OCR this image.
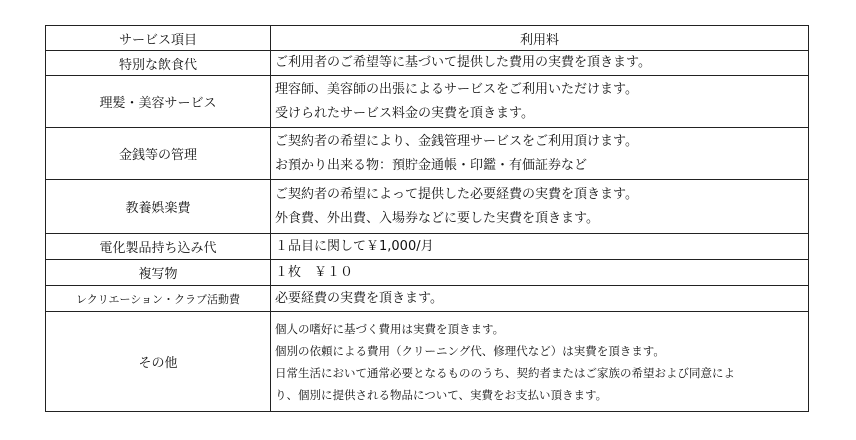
サービス項目	利用料
特別な飲食代	ご利用者のご希望等に基づいて提供した費用の実費を頂きます。

理髪・美容サービス	理容師、美容師の出張によるサービスをご利用いただけます。
受けられたサービス料金の実費を頂きます。

金銭等の管理	ご契約者の希望により、金銭管理サービスをご利用頂けます。
お預かり出来る物：預貯金通帳・印鑑・有価証券など

教養娯楽費	ご契約者の希望によって提供した必要経費の実費を頂きます。
外食費、外出費、入場券などに要した実費を頂きます。

電化製品持ち込み代	１品目に関して￥1,000/月

複写物	１枚　￥１０

レクリエーション・クラブ活動費	必要経費の実費を頂きます。

その他	個人の嗜好に基づく費用は実費を頂きます。
個別の依頼による費用（クリーニング代、修理代など）は実費を頂きます。
日常生活において通常必要となるもののうち、契約者またはご家族の希望および同意によ
り、個別に提供される物品について、実費をお支払い頂きます。
